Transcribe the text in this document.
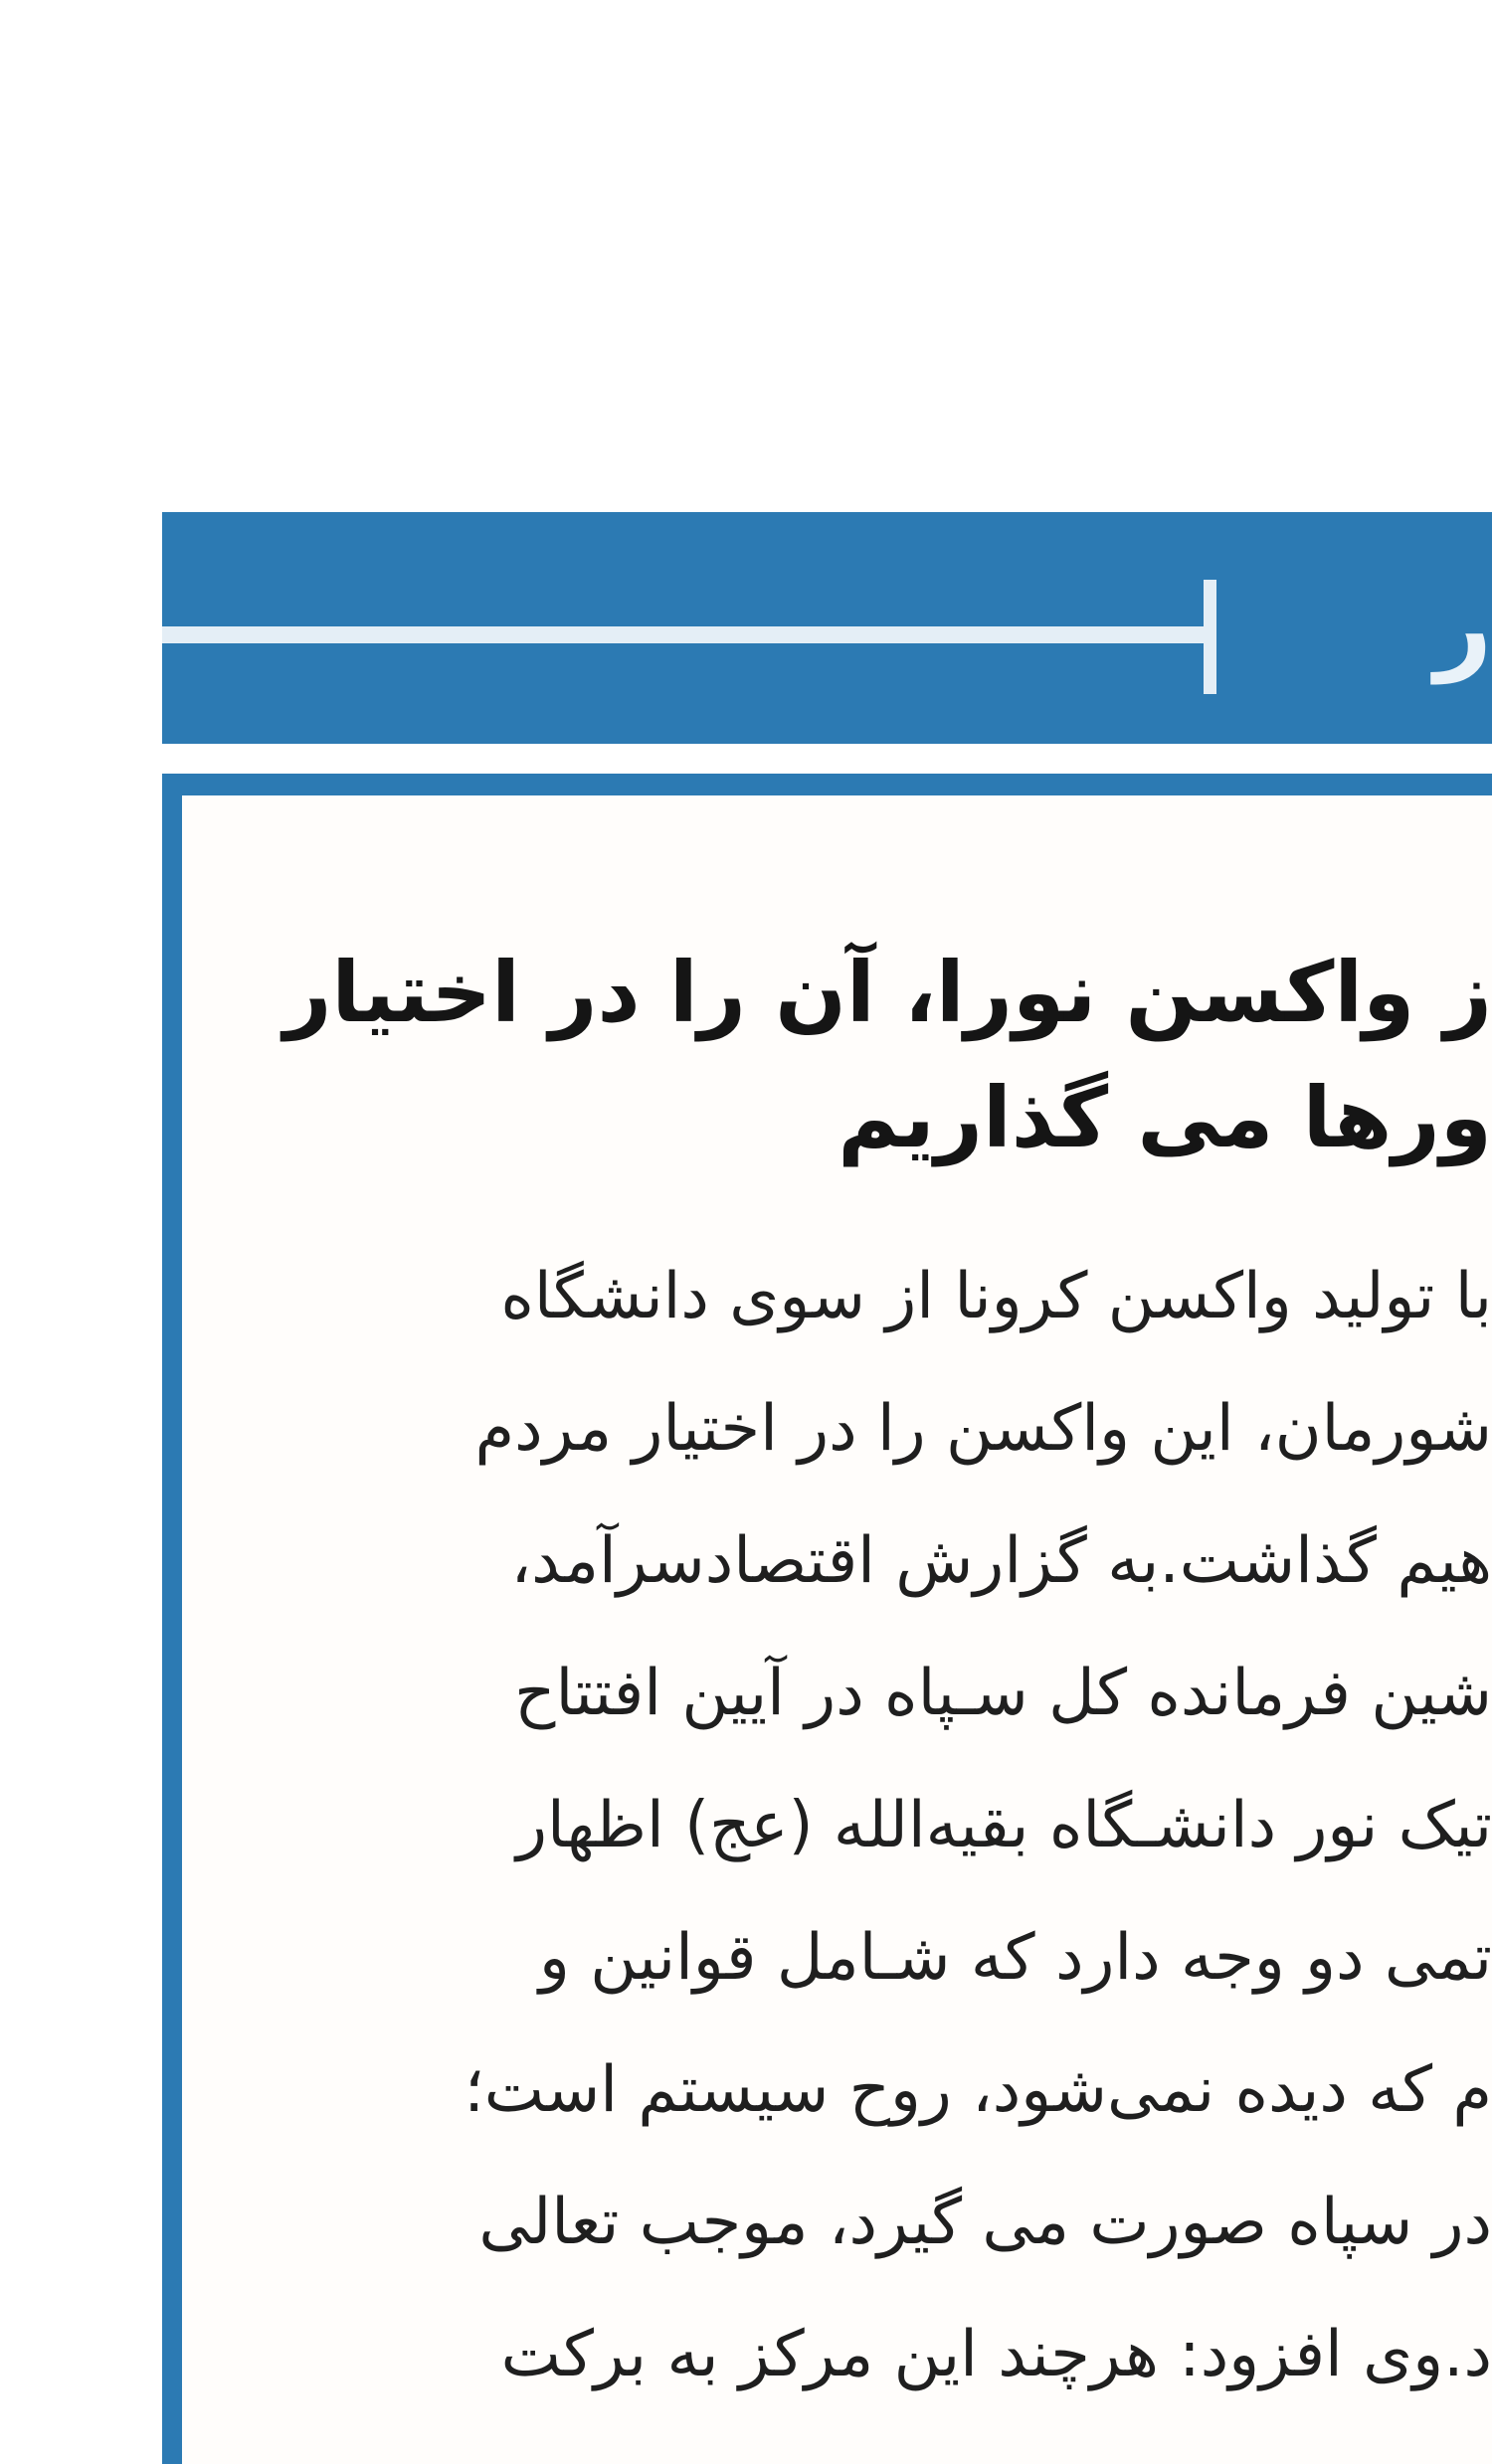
ر
ز واکسن نورا، آن را در اختیار
ورها می گذاریم
با تولید واکسن کرونا از سوی دانشگاه
شورمان، این واکسن را در اختیار مردم
هیم گذاشت.به گزارش اقتصادسرآمد،
شین فرمانده کل سـپاه در آیین افتتاح
تیک نور دانشـگاه بقیه‌الله (عج) اظهار
تمی دو وجه دارد که شـامل قوانین و
م که دیده نمی‌شود، روح سیستم است؛
در سپاه صورت می گیرد، موجب تعالی
د.وی افزود: هرچند این مرکز به برکت
